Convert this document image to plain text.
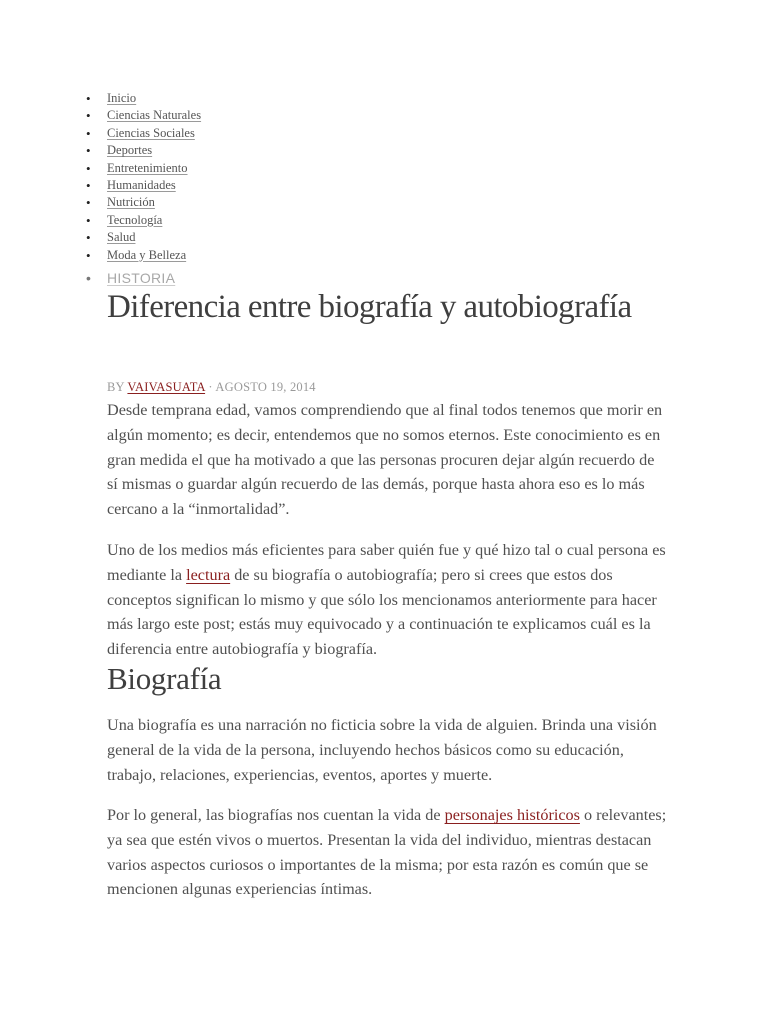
• Inicio
• Ciencias Naturales
• Ciencias Sociales
• Deportes
• Entretenimiento
• Humanidades
• Nutrición
• Tecnología
• Salud
• Moda y Belleza
• HISTORIA
Diferencia entre biografía y autobiografía
BY VAIVASUATA · AGOSTO 19, 2014

Desde temprana edad, vamos comprendiendo que al final todos tenemos que morir en algún momento; es decir, entendemos que no somos eternos. Este conocimiento es en gran medida el que ha motivado a que las personas procuren dejar algún recuerdo de sí mismas o guardar algún recuerdo de las demás, porque hasta ahora eso es lo más cercano a la “inmortalidad”.

Uno de los medios más eficientes para saber quién fue y qué hizo tal o cual persona es mediante la lectura de su biografía o autobiografía; pero si crees que estos dos conceptos significan lo mismo y que sólo los mencionamos anteriormente para hacer más largo este post; estás muy equivocado y a continuación te explicamos cuál es la diferencia entre autobiografía y biografía.

Biografía

Una biografía es una narración no ficticia sobre la vida de alguien. Brinda una visión general de la vida de la persona, incluyendo hechos básicos como su educación, trabajo, relaciones, experiencias, eventos, aportes y muerte.

Por lo general, las biografías nos cuentan la vida de personajes históricos o relevantes; ya sea que estén vivos o muertos. Presentan la vida del individuo, mientras destacan varios aspectos curiosos o importantes de la misma; por esta razón es común que se mencionen algunas experiencias íntimas.
